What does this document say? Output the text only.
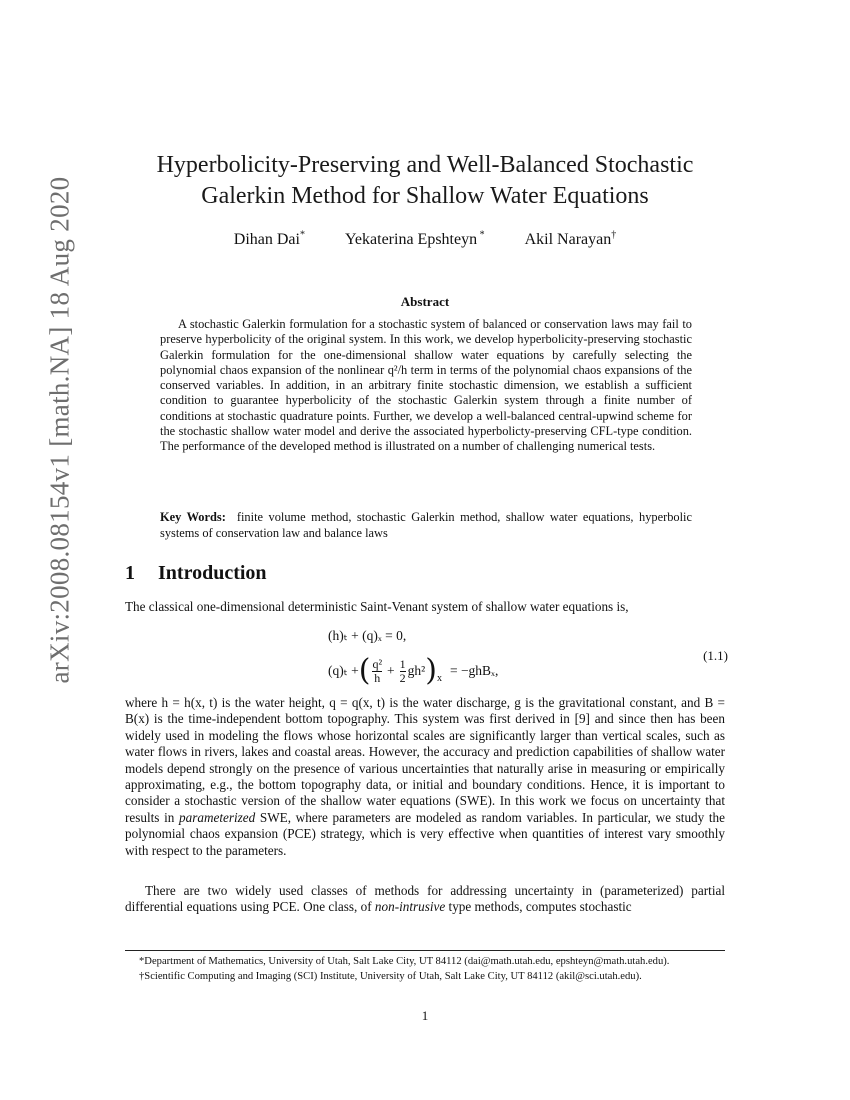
arXiv:2008.08154v1 [math.NA] 18 Aug 2020
Hyperbolicity-Preserving and Well-Balanced Stochastic
Galerkin Method for Shallow Water Equations
Dihan Dai*	Yekaterina Epshteyn *	Akil Narayan†
Abstract

A stochastic Galerkin formulation for a stochastic system of balanced or conservation laws may fail to preserve hyperbolicity of the original system. In this work, we develop hyperbolicity-preserving stochastic Galerkin formulation for the one-dimensional shallow water equations by carefully selecting the polynomial chaos expansion of the nonlinear q²/h term in terms of the polynomial chaos expansions of the conserved variables. In addition, in an arbitrary finite stochastic dimension, we establish a sufficient condition to guarantee hyperbolicity of the stochastic Galerkin system through a finite number of conditions at stochastic quadrature points. Further, we develop a well-balanced central-upwind scheme for the stochastic shallow water model and derive the associated hyperbolicty-preserving CFL-type condition. The performance of the developed method is illustrated on a number of challenging numerical tests.

Key Words: finite volume method, stochastic Galerkin method, shallow water equations, hyperbolic systems of conservation law and balance laws

1 Introduction

The classical one-dimensional deterministic Saint-Venant system of shallow water equations is,

(h)ₜ + (q)ₓ = 0,
(q)ₜ + ( $\frac{\text{q²}}{h} + \frac{1}{2} gh^2$ )$_x = -ghB_x$,
(1.1)

where h = h(x, t) is the water height, q = q(x, t) is the water discharge, g is the gravitational constant, and B = B(x) is the time-independent bottom topography. This system was first derived in [9] and since then has been widely used in modeling the flows whose horizontal scales are significantly larger than vertical scales, such as water flows in rivers, lakes and coastal areas. However, the accuracy and prediction capabilities of shallow water models depend strongly on the presence of various uncertainties that naturally arise in measuring or empirically approximating, e.g., the bottom topography data, or initial and boundary conditions. Hence, it is important to consider a stochastic version of the shallow water equations (SWE). In this work we focus on uncertainty that results in parameterized SWE, where parameters are modeled as random variables. In particular, we study the polynomial chaos expansion (PCE) strategy, which is very effective when quantities of interest vary smoothly with respect to the parameters.

There are two widely used classes of methods for addressing uncertainty in (parameterized) partial differential equations using PCE. One class, of non-intrusive type methods, computes stochastic

*Department of Mathematics, University of Utah, Salt Lake City, UT 84112 (dai@math.utah.edu, epshteyn@math.utah.edu).

†Scientific Computing and Imaging (SCI) Institute, University of Utah, Salt Lake City, UT 84112 (akil@sci.utah.edu).

1
